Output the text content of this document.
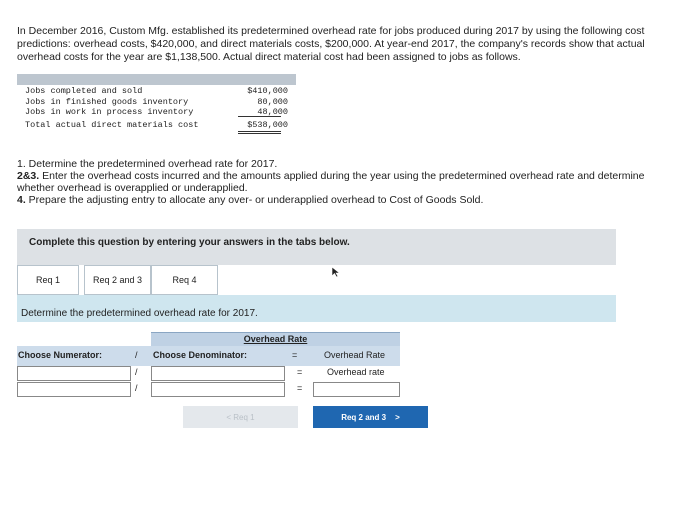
In December 2016, Custom Mfg. established its predetermined overhead rate for jobs produced during 2017 by using the following cost predictions: overhead costs, $420,000, and direct materials costs, $200,000. At year-end 2017, the company's records show that actual overhead costs for the year are $1,138,500. Actual direct material cost had been assigned to jobs as follows.
Jobs completed and sold	$410,000
Jobs in finished goods inventory	80,000
Jobs in work in process inventory	48,000
Total actual direct materials cost	$538,000

1. Determine the predetermined overhead rate for 2017.

2&3. Enter the overhead costs incurred and the amounts applied during the year using the predetermined overhead rate and determine whether overhead is overapplied or underapplied.

4. Prepare the adjusting entry to allocate any over- or underapplied overhead to Cost of Goods Sold.

Complete this question by entering your answers in the tabs below.
Req 1	Req 2 and 3	Req 4
Determine the predetermined overhead rate for 2017.
Overhead Rate
Choose Numerator:	/ Choose Denominator:	=	Overhead Rate
/	=	Overhead rate
/	=
< Req 1	Req 2 and 3 >
